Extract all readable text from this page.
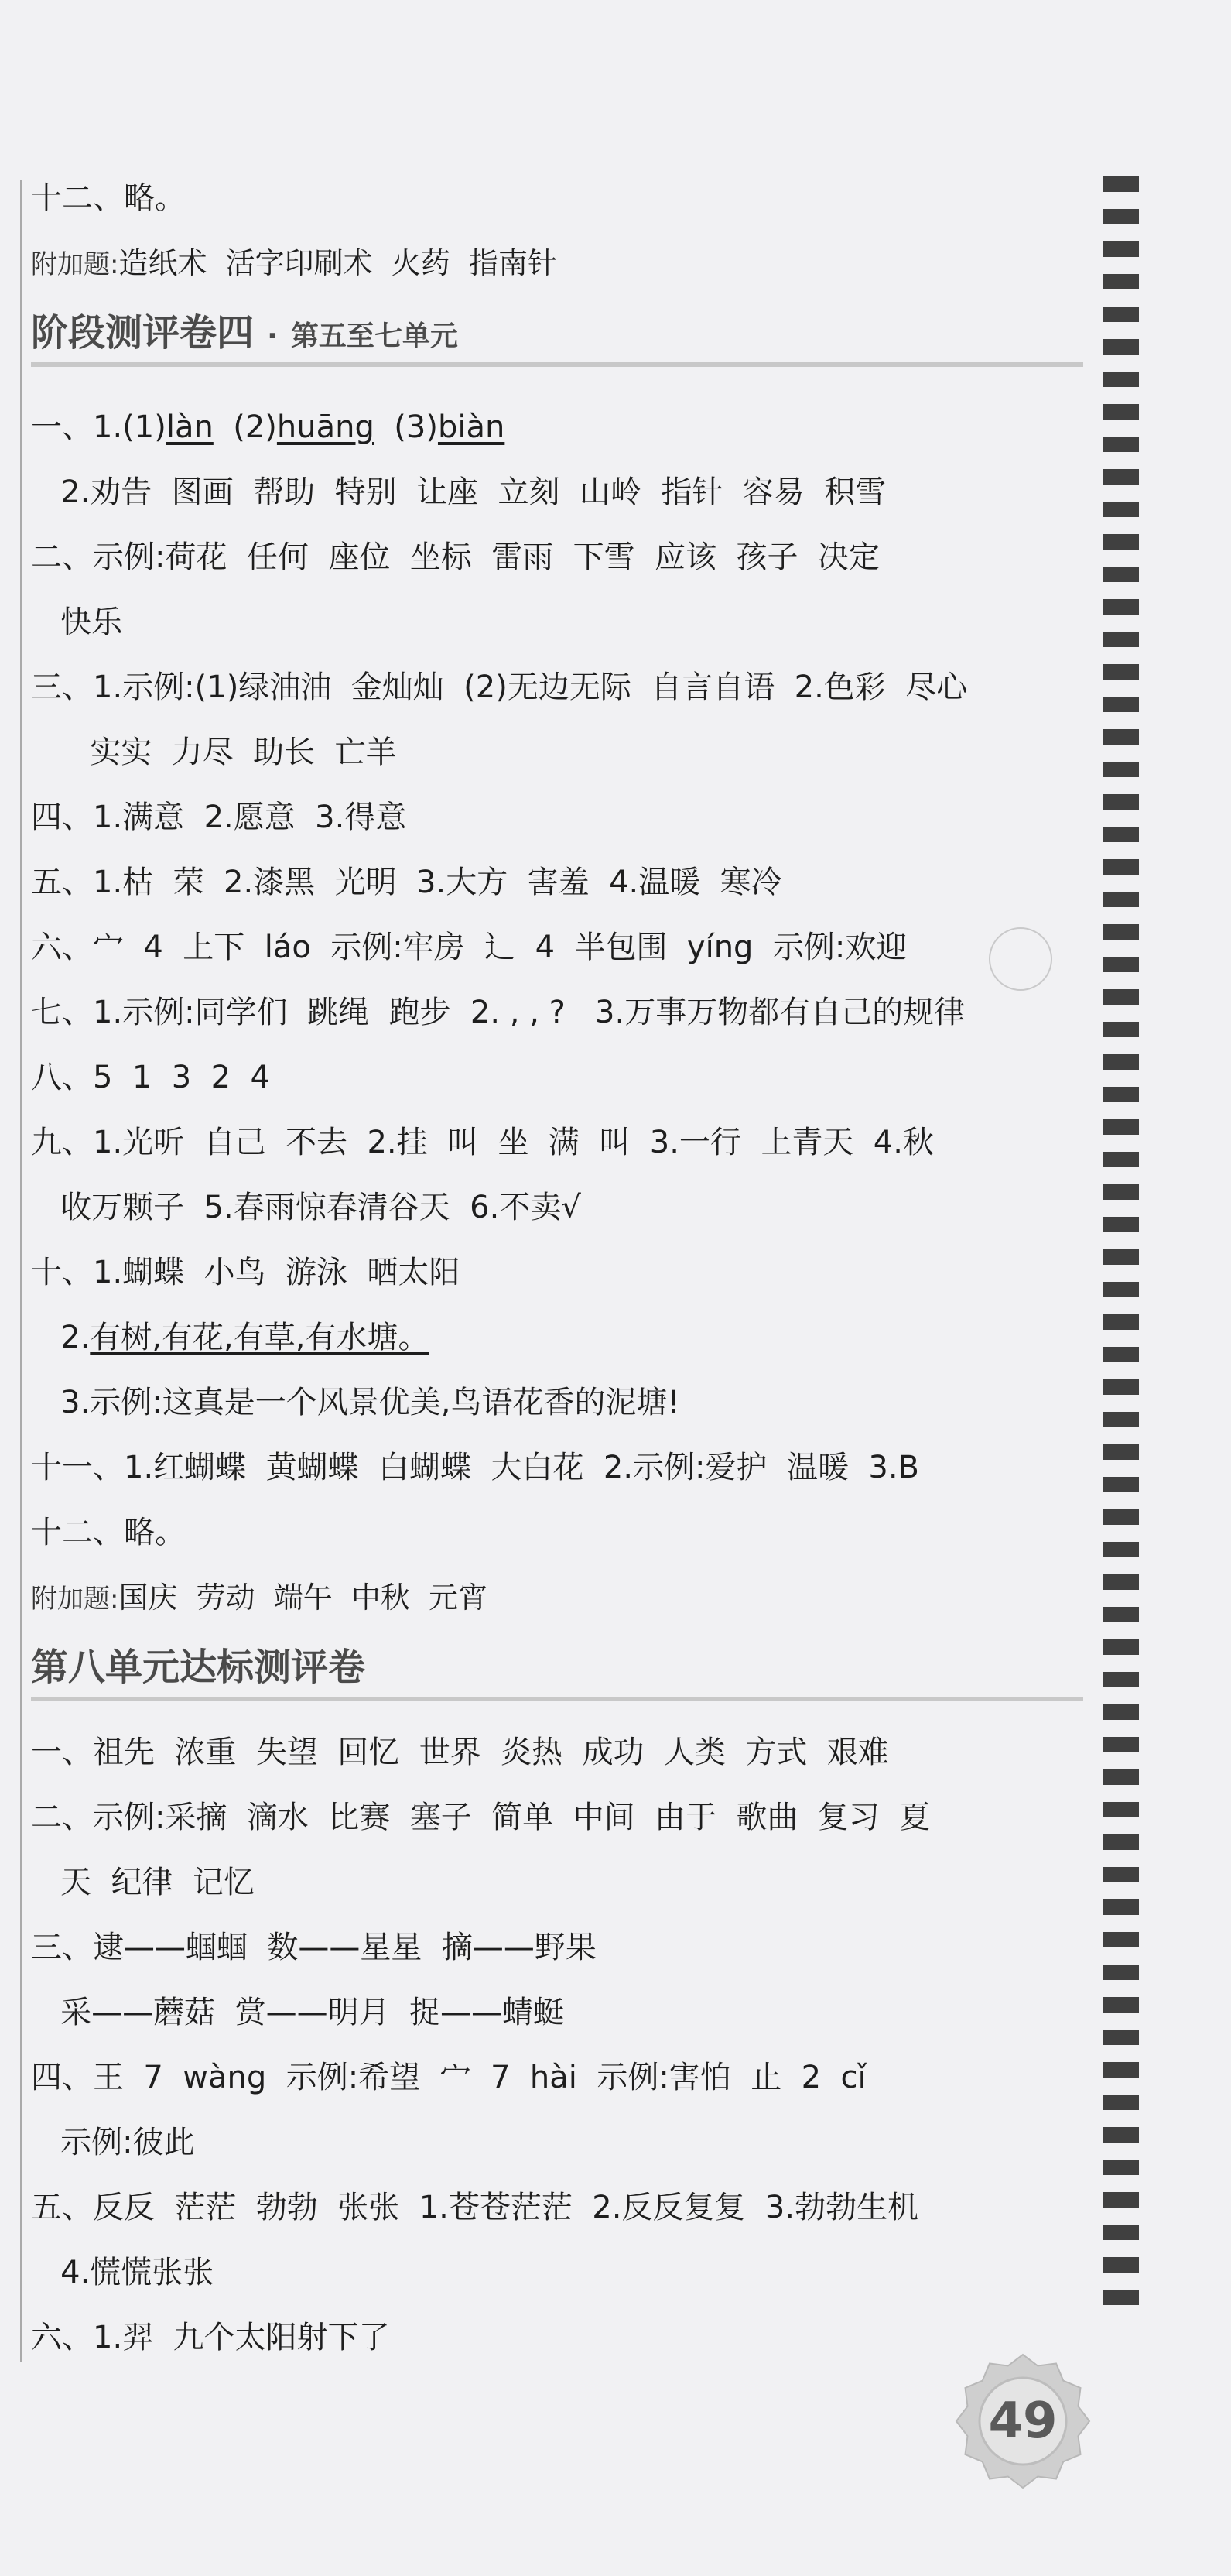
十二、略。
附加题:造纸术  活字印刷术  火药  指南针
阶段测评卷四 · 第五至七单元
一、1.(1)làn  (2)huāng  (3)biàn
2.劝告  图画  帮助  特别  让座  立刻  山岭  指针  容易  积雪
二、示例:荷花  任何  座位  坐标  雷雨  下雪  应该  孩子  决定
快乐
三、1.示例:(1)绿油油  金灿灿  (2)无边无际  自言自语  2.色彩  尽心
实实  力尽  助长  亡羊
四、1.满意  2.愿意  3.得意
五、1.枯  荣  2.漆黑  光明  3.大方  害羞  4.温暖  寒冷
六、宀  4  上下  láo  示例:牢房  辶  4  半包围  yíng  示例:欢迎
七、1.示例:同学们  跳绳  跑步  2. , , ?   3.万事万物都有自己的规律
八、5  1  3  2  4
九、1.光听  自己  不去  2.挂  叫  坐  满  叫  3.一行  上青天  4.秋
收万颗子  5.春雨惊春清谷天  6.不卖√
十、1.蝴蝶  小鸟  游泳  晒太阳
2.有树,有花,有草,有水塘。
3.示例:这真是一个风景优美,鸟语花香的泥塘!
十一、1.红蝴蝶  黄蝴蝶  白蝴蝶  大白花  2.示例:爱护  温暖  3.B
十二、略。
附加题:国庆  劳动  端午  中秋  元宵
第八单元达标测评卷
一、祖先  浓重  失望  回忆  世界  炎热  成功  人类  方式  艰难
二、示例:采摘  滴水  比赛  塞子  简单  中间  由于  歌曲  复习  夏
天  纪律  记忆
三、逮——蝈蝈  数——星星  摘——野果
采——蘑菇  赏——明月  捉——蜻蜓
四、王  7  wàng  示例:希望  宀  7  hài  示例:害怕  止  2  cǐ
示例:彼此
五、反反  茫茫  勃勃  张张  1.苍苍茫茫  2.反反复复  3.勃勃生机
4.慌慌张张
六、1.羿  九个太阳射下了
49
